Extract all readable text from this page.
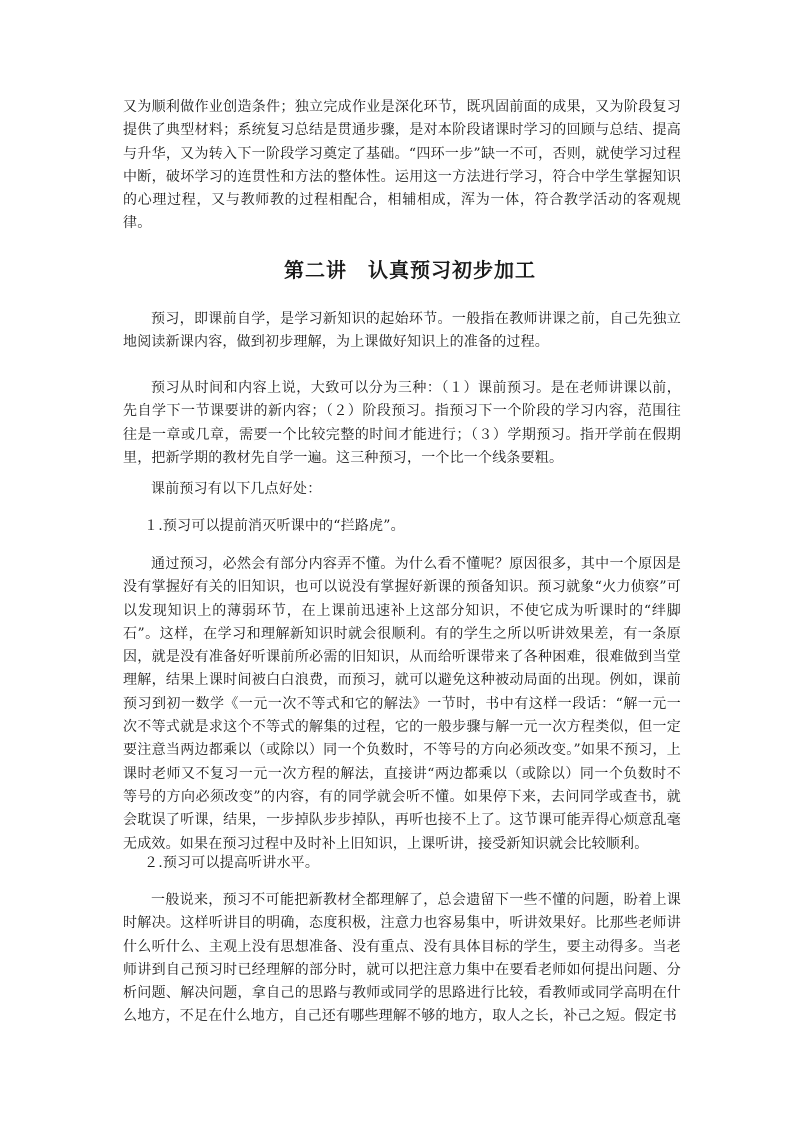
又为顺利做作业创造条件；独立完成作业是深化环节，既巩固前面的成果，又为阶段复习提供了典型材料；系统复习总结是贯通步骤，是对本阶段诸课时学习的回顾与总结、提高与升华，又为转入下一阶段学习奠定了基础。“四环一步”缺一不可，否则，就使学习过程中断，破坏学习的连贯性和方法的整体性。运用这一方法进行学习，符合中学生掌握知识的心理过程，又与教师教的过程相配合，相辅相成，浑为一体，符合教学活动的客观规律。

第二讲　认真预习初步加工

预习，即课前自学，是学习新知识的起始环节。一般指在教师讲课之前，自己先独立地阅读新课内容，做到初步理解，为上课做好知识上的准备的过程。

预习从时间和内容上说，大致可以分为三种：（１）课前预习。是在老师讲课以前，先自学下一节课要讲的新内容；（２）阶段预习。指预习下一个阶段的学习内容，范围往往是一章或几章，需要一个比较完整的时间才能进行；（３）学期预习。指开学前在假期里，把新学期的教材先自学一遍。这三种预习，一个比一个线条要粗。

课前预习有以下几点好处：

１.预习可以提前消灭听课中的“拦路虎”。

通过预习，必然会有部分内容弄不懂。为什么看不懂呢？原因很多，其中一个原因是没有掌握好有关的旧知识，也可以说没有掌握好新课的预备知识。预习就象“火力侦察”可以发现知识上的薄弱环节，在上课前迅速补上这部分知识，不使它成为听课时的“绊脚石”。这样，在学习和理解新知识时就会很顺利。有的学生之所以听讲效果差，有一条原因，就是没有准备好听课前所必需的旧知识，从而给听课带来了各种困难，很难做到当堂理解，结果上课时间被白白浪费，而预习，就可以避免这种被动局面的出现。例如，课前预习到初一数学《一元一次不等式和它的解法》一节时，书中有这样一段话：“解一元一次不等式就是求这个不等式的解集的过程，它的一般步骤与解一元一次方程类似，但一定要注意当两边都乘以（或除以）同一个负数时，不等号的方向必须改变。”如果不预习，上课时老师又不复习一元一次方程的解法，直接讲“两边都乘以（或除以）同一个负数时不等号的方向必须改变”的内容，有的同学就会听不懂。如果停下来，去问同学或查书，就会耽误了听课，结果，一步掉队步步掉队，再听也接不上了。这节课可能弄得心烦意乱毫无成效。如果在预习过程中及时补上旧知识，上课听讲，接受新知识就会比较顺利。

２.预习可以提高听讲水平。

一般说来，预习不可能把新教材全都理解了，总会遗留下一些不懂的问题，盼着上课时解决。这样听讲目的明确，态度积极，注意力也容易集中，听讲效果好。比那些老师讲什么听什么、主观上没有思想准备、没有重点、没有具体目标的学生，要主动得多。当老师讲到自己预习时已经理解的部分时，就可以把注意力集中在要看老师如何提出问题、分析问题、解决问题，拿自己的思路与教师或同学的思路进行比较，看教师或同学高明在什么地方，不足在什么地方，自己还有哪些理解不够的地方，取人之长，补己之短。假定书
